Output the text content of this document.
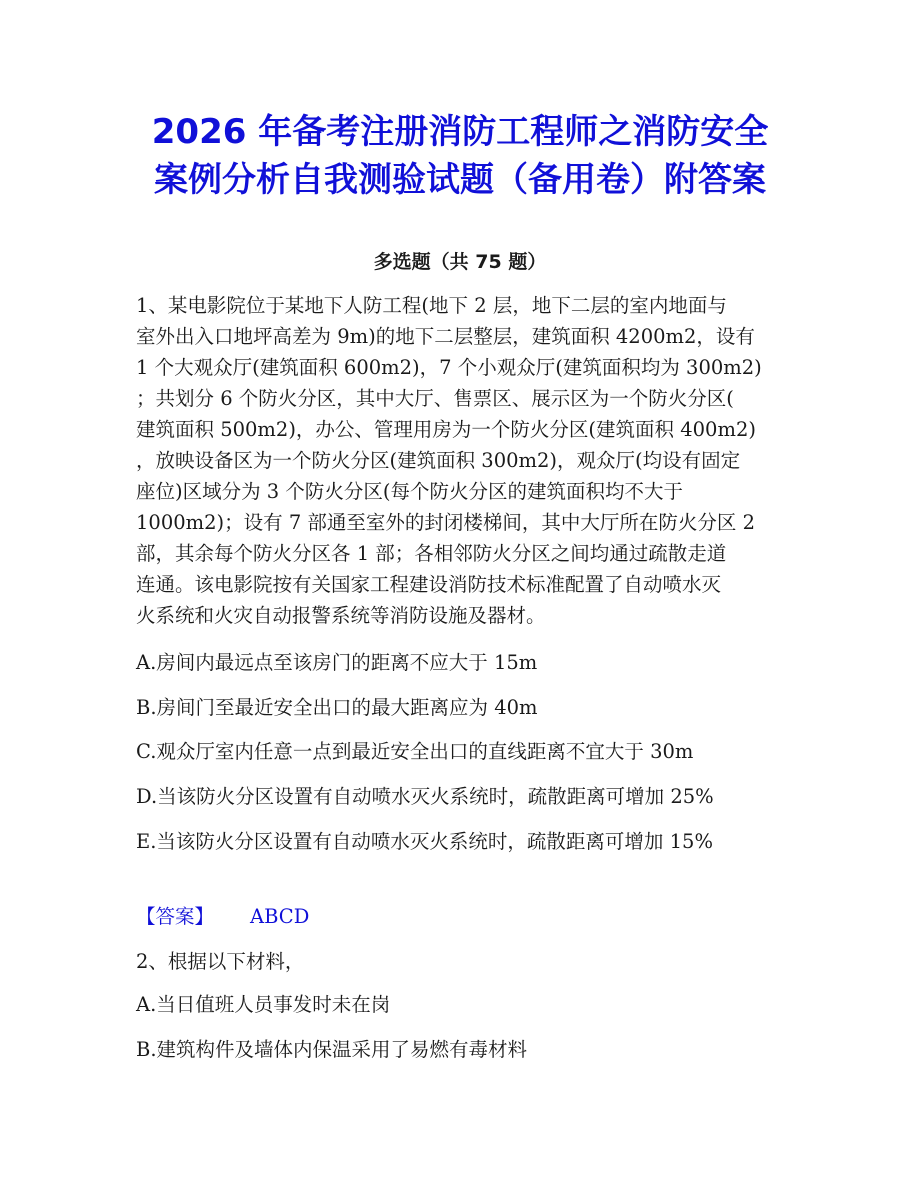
2026 年备考注册消防工程师之消防安全
案例分析自我测验试题（备用卷）附答案
多选题（共 75 题）

1、某电影院位于某地下人防工程(地下 2 层，地下二层的室内地面与
室外出入口地坪高差为 9m)的地下二层整层，建筑面积 4200m2，设有
1 个大观众厅(建筑面积 600m2)，7 个小观众厅(建筑面积均为 300m2)
；共划分 6 个防火分区，其中大厅、售票区、展示区为一个防火分区(
建筑面积 500m2)，办公、管理用房为一个防火分区(建筑面积 400m2)
，放映设备区为一个防火分区(建筑面积 300m2)，观众厅(均设有固定
座位)区域分为 3 个防火分区(每个防火分区的建筑面积均不大于
1000m2)；设有 7 部通至室外的封闭楼梯间，其中大厅所在防火分区 2
部，其余每个防火分区各 1 部；各相邻防火分区之间均通过疏散走道
连通。该电影院按有关国家工程建设消防技术标准配置了自动喷水灭
火系统和火灾自动报警系统等消防设施及器材。

A.房间内最远点至该房门的距离不应大于 15m
B.房间门至最近安全出口的最大距离应为 40m
C.观众厅室内任意一点到最近安全出口的直线距离不宜大于 30m
D.当该防火分区设置有自动喷水灭火系统时，疏散距离可增加 25%
E.当该防火分区设置有自动喷水灭火系统时，疏散距离可增加 15%
【答案】 ABCD
2、根据以下材料，
A.当日值班人员事发时未在岗
B.建筑构件及墙体内保温采用了易燃有毒材料
